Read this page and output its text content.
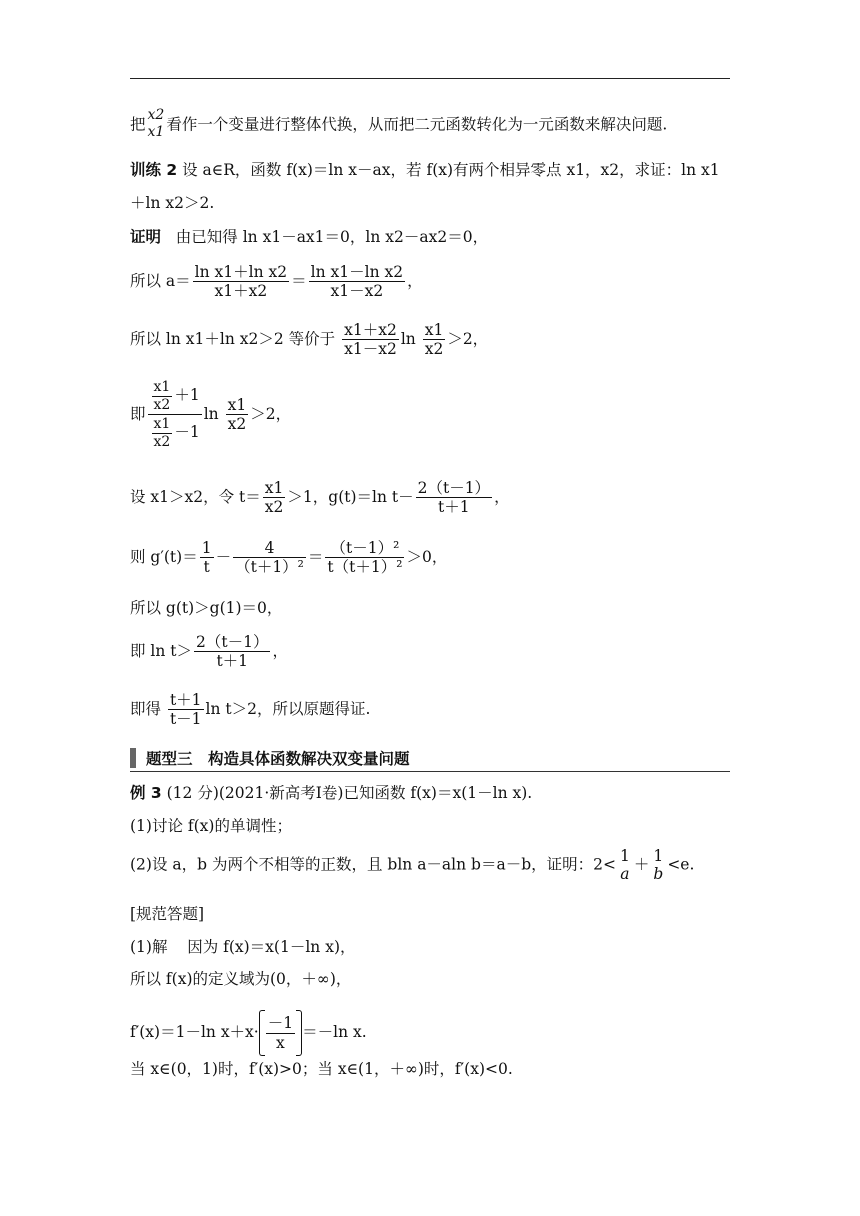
把
x2
x1 看作一个变量进行整体代换，从而把二元函数转化为一元函数来解决问题.
训练 2 设 a∈R，函数 f(x)＝ln x－ax，若 f(x)有两个相异零点 x1，x2，求证：ln x1
＋ln x2＞2.
证明 由已知得 ln x1－ax1＝0，ln x2－ax2＝0，
所以 $a= \frac{\text{ln x1＋ln x2}}{x1+x2} = \frac{\text{ln x1－ln x2}}{x1-x2}$ ，
所以 ln x1＋ln x2＞2 等价于 $\frac{x1+x2}{x1-x2}$ $\ln \frac{x1}{x2} >2$，
即 $\frac{\frac{x1}{x2} +1}{\frac{x1}{x2} -1}$ $\ln \frac{x1}{x2} >2$，
设 x1＞x2，令 $t= \frac{x1}{x2} >1$，g(t)＝ln $t- \frac{2(t-1)}{t+1}$ ，
则 $g'(t)= \frac{1}{t} - \frac{4}{\text{（t＋1）²}} = \frac{\text{（t－1）²}}{\text{t（t＋1）²}} >0$，
所以 g(t)＞g(1)＝0，
即 $\ln t> \frac{2(t-1)}{t+1}$ ，
即得 $\frac{t+1}{t-1}$ ln t＞2，所以原题得证.
题型三　构造具体函数解决双变量问题
例 3 (12 分)(2021·新高考Ⅰ卷)已知函数 f(x)＝x(1－ln x).
(1)讨论 f(x)的单调性；
(2)设 a，b 为两个不相等的正数，且 bln a－aln b＝a－b，证明：2< 1
a
＋ 1
b
<e.
[规范答题]
(1)解 因为 f(x)＝x(1－ln x)，
所以 f(x)的定义域为(0，＋∞)，
f′(x)＝1－ln $x+x\cdot \frac{-1}{x} =-\ln$ x.
当 x∈(0，1)时，f′(x)>0；当 x∈(1，＋∞)时，f′(x)<0.
